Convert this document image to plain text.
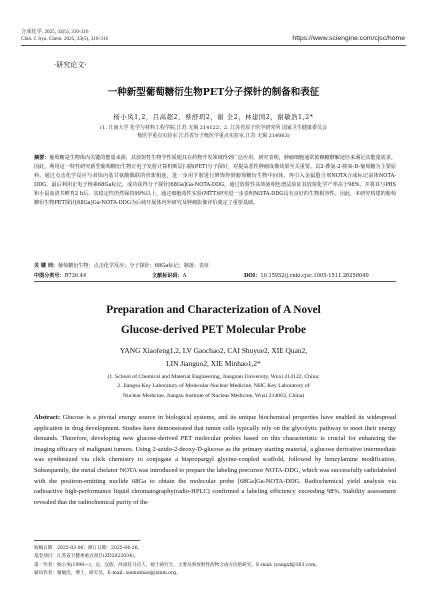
合成化学, 2025, 33(5), 310-316
Chin. J. Syn. Chem. 2025, 33(5), 310-316	https://www.sciengine.com/cjsc/home
·研究论文·
一种新型葡萄糖衍生物PET分子探针的制备和表征
杨小凤1,2，吕高超2，蔡舒玥2，谢 全2，林建国2，谢敏浩1,2*
(1. 江南大学 化学与材料工程学院,江苏 无锡 214122；2. 江苏省原子医学研究所 国家卫生健康委员会
核医学重点实验室 江苏省分子核医学重点实验室,江苏 无锡 214063)
摘要：葡萄糖是生物体内关键的能量来源，其放射性生物学性质使其在药物开发领域得到广泛应用。研究表明，肿瘤细胞通常依赖糖酵解途径来满足其能量需求。因此，利用这一特性研究新型葡萄糖衍生物正电子发射计算机断层扫描(PET)分子探针，对提高恶性肿瘤成像效果至关重要。以2-叠氮-2-脱氧-D-葡萄糖为主要原料，通过点击化学反应与双炔丙基甘氨酸偶联的骨架相连，进一步用苄胺进行修饰得到葡萄糖衍生物中间体，再引入金属螯合剂NOTA合成标记前体NOTA-DDG，最后利用正电子核素68Ga标记，成功获得分子探针[68Ga]Ga-NOTA-DDG。通过放射性高效液相色谱法验证其放射化学产率高于98%，并将其与PBS和小鼠血清共孵育2 h后，其稳定性仍然保持99%以上。通过细胞毒性实验(MTT)研究进一步表明NOTA-DDG具有良好的生物相容性。因此，本研究构建的葡萄糖衍生物PET探针[68Ga]Ga-NOTA-DDG为后续开展体内外研究及肿瘤影像评价奠定了重要基础。
关 键 词：葡萄糖衍生物；点击化学反应；分子探针；68Ga标记；制备；表征
中图分类号：R730.44	文献标识码：A	DOI：10.15952/j.cnki.cjsc.1005-1511.20250040
Preparation and Characterization of A Novel
Glucose-derived PET Molecular Probe
YANG Xiaofeng1,2, LV Gaochao2, CAI Shuyue2, XIE Quan2,
LIN Jianguo2, XIE Minhao1,2*
(1. School of Chemical and Material Engineering, Jiangnan University, Wuxi 214122, China;
2. Jiangsu Key Laboratory of Molecular Nuclear Medicine, NHC Key Laboratory of
Nuclear Medicine, Jiangsu Institute of Nuclear Medicine, Wuxi 214063, China)
Abstract: Glucose is a pivotal energy source in biological systems, and its unique biochemical properties have enabled its widespread application in drug development. Studies have demonstrated that tumor cells typically rely on the glycolytic pathway to meet their energy demands. Therefore, developing new glucose-derived PET molecular probes based on this characteristic is crucial for enhancing the imaging efficacy of malignant tumors. Using 2-azido-2-deoxy-D-glucose as the primary starting material, a glucose derivative intermediate was synthesized via click chemistry to conjugate a bispropargyl glycine-coupled scaffold, followed by benzylamine modification. Subsequently, the metal chelator NOTA was introduced to prepare the labeling precursor NOTA-DDG, which was successfully radiolabeled with the positron-emitting nuclide 68Ga to obtain the molecular probe [68Ga]Ga-NOTA-DDG. Radiochemical yield analysis via radioactive high-performance liquid chromatography(radio-HPLC) confirmed a labeling efficiency exceeding 98%. Stability assessment revealed that the radiochemical purity of the
收稿日期：2025-03-06；修订日期：2025-04-26。
基金项目：江苏省卫健委重点项目(ZD2022034)。
第一作者：杨小凤(1998—)，女，汉族，河南驻马店人，硕士研究生，主要从事放射性药物合成方向的研究。E-mail: iyangxf@163.com。
通讯作者：谢敏浩，博士，研究员，E-mail: xieminhao@jsinm.org。
